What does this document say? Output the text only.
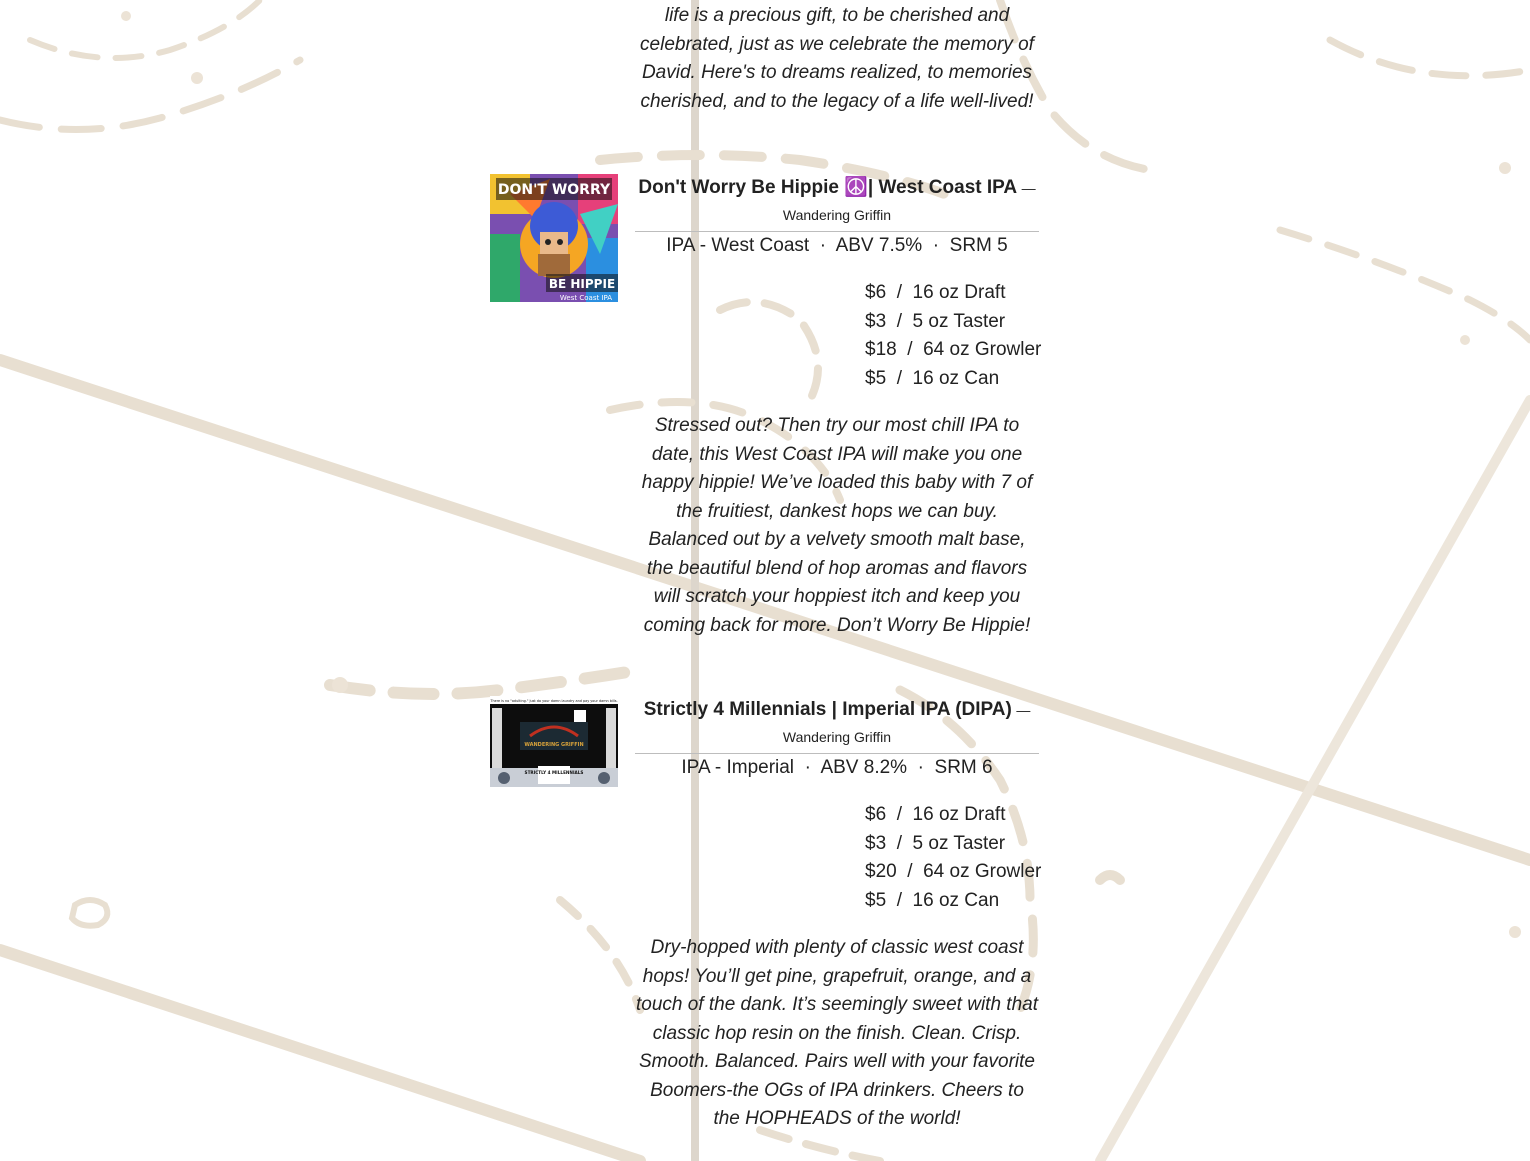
life is a precious gift, to be cherished and celebrated, just as we celebrate the memory of David. Here's to dreams realized, to memories cherished, and to the legacy of a life well-lived!
DON'T WORRY
BE HIPPIE
West Coast IPA
Don't Worry Be Hippie ☮️| West Coast IPA —
Wandering Griffin
IPA - West Coast · ABV 7.5% · SRM 5
$6 / 16 oz Draft
$3 / 5 oz Taster
$18 / 64 oz Growler
$5 / 16 oz Can
Stressed out? Then try our most chill IPA to date, this West Coast IPA will make you one happy hippie! We’ve loaded this baby with 7 of the fruitiest, dankest hops we can buy. Balanced out by a velvety smooth malt base, the beautiful blend of hop aromas and flavors will scratch your hoppiest itch and keep you coming back for more. Don’t Worry Be Hippie!
There is no "adulting." Just do your damn laundry and pay your damn bills.
WANDERING GRIFFIN
STRICTLY 4 MILLENNIALS
Strictly 4 Millennials | Imperial IPA (DIPA) —
Wandering Griffin
IPA - Imperial · ABV 8.2% · SRM 6
$6 / 16 oz Draft
$3 / 5 oz Taster
$20 / 64 oz Growler
$5 / 16 oz Can
Dry-hopped with plenty of classic west coast hops! You’ll get pine, grapefruit, orange, and a touch of the dank. It’s seemingly sweet with that classic hop resin on the finish. Clean. Crisp. Smooth. Balanced. Pairs well with your favorite Boomers-the OGs of IPA drinkers. Cheers to the HOPHEADS of the world!
